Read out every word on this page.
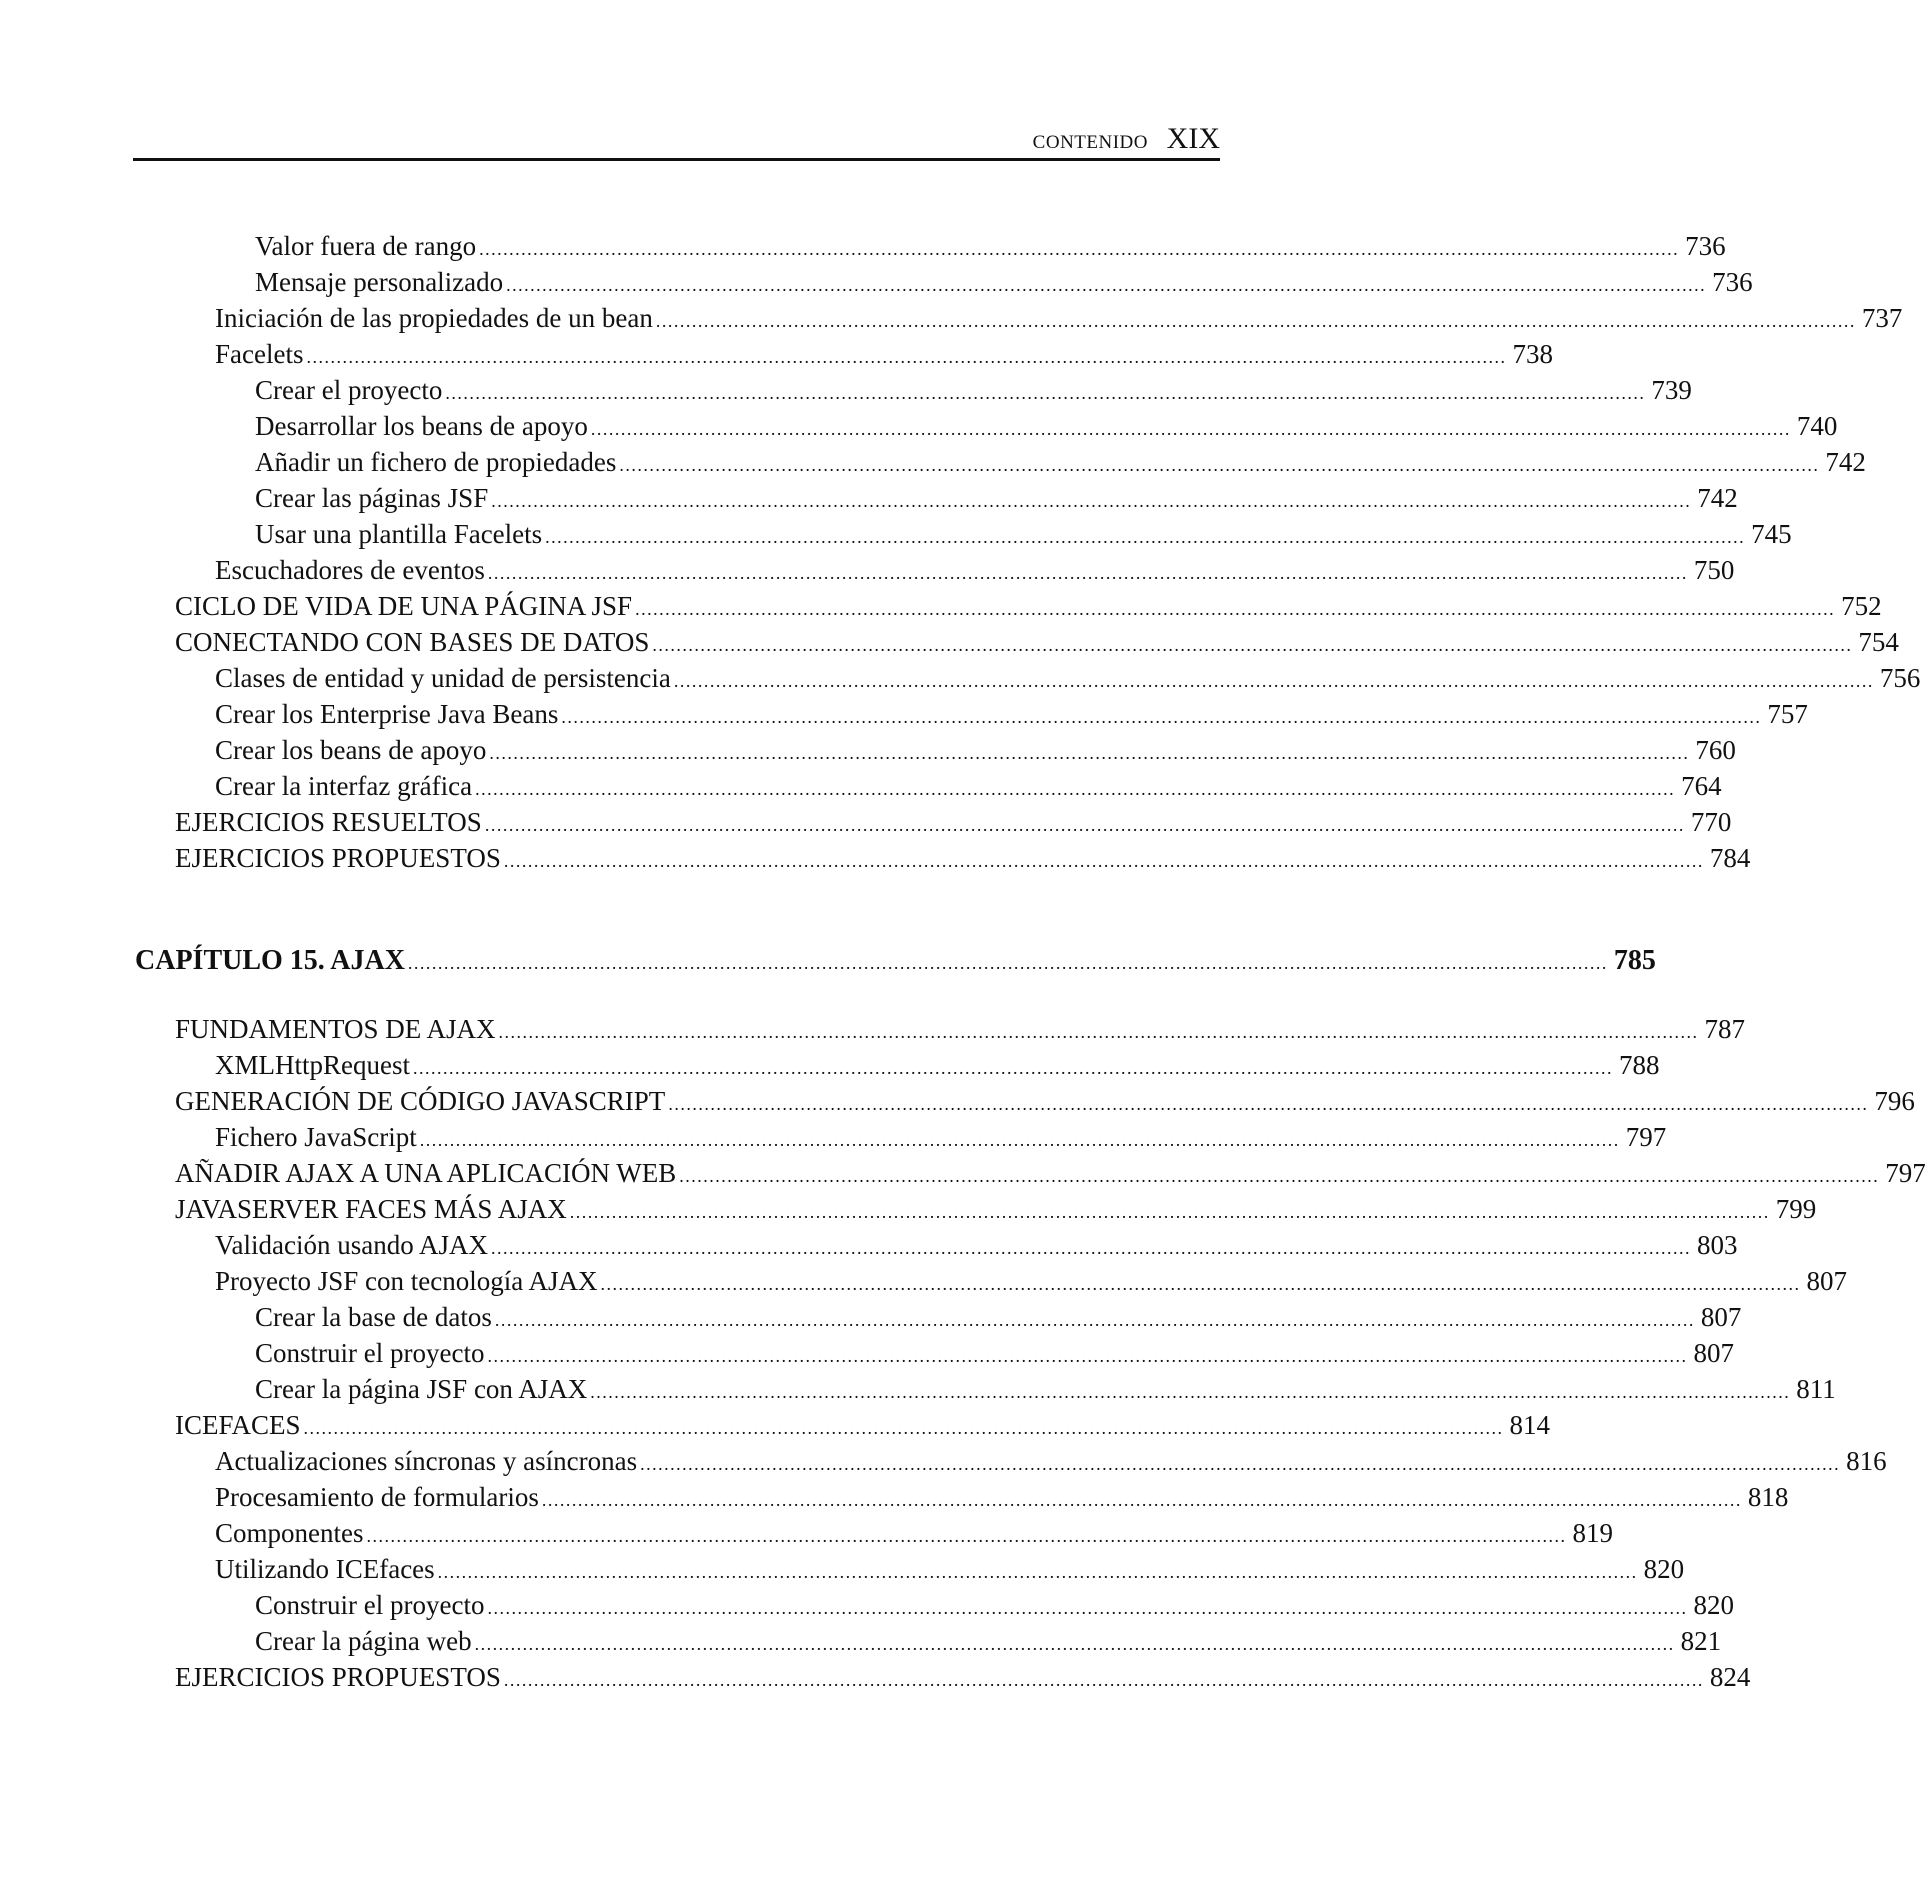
CONTENIDO XIX
Valor fuera de rango ........................................................................................................................................................................................................ 736
Mensaje personalizado ........................................................................................................................................................................................................ 736
Iniciación de las propiedades de un bean ........................................................................................................................................................................................................ 737
Facelets ........................................................................................................................................................................................................ 738
Crear el proyecto ........................................................................................................................................................................................................ 739
Desarrollar los beans de apoyo ........................................................................................................................................................................................................ 740
Añadir un fichero de propiedades ........................................................................................................................................................................................................ 742
Crear las páginas JSF ........................................................................................................................................................................................................ 742
Usar una plantilla Facelets ........................................................................................................................................................................................................ 745
Escuchadores de eventos ........................................................................................................................................................................................................ 750
CICLO DE VIDA DE UNA PÁGINA JSF ........................................................................................................................................................................................................ 752
CONECTANDO CON BASES DE DATOS ........................................................................................................................................................................................................ 754
Clases de entidad y unidad de persistencia ........................................................................................................................................................................................................ 756
Crear los Enterprise Java Beans ........................................................................................................................................................................................................ 757
Crear los beans de apoyo ........................................................................................................................................................................................................ 760
Crear la interfaz gráfica ........................................................................................................................................................................................................ 764
EJERCICIOS RESUELTOS ........................................................................................................................................................................................................ 770
EJERCICIOS PROPUESTOS ........................................................................................................................................................................................................ 784
CAPÍTULO 15. AJAX ........................................................................................................................................................................................................ 785
FUNDAMENTOS DE AJAX ........................................................................................................................................................................................................ 787
XMLHttpRequest ........................................................................................................................................................................................................ 788
GENERACIÓN DE CÓDIGO JAVASCRIPT ........................................................................................................................................................................................................ 796
Fichero JavaScript ........................................................................................................................................................................................................ 797
AÑADIR AJAX A UNA APLICACIÓN WEB ........................................................................................................................................................................................................ 797
JAVASERVER FACES MÁS AJAX ........................................................................................................................................................................................................ 799
Validación usando AJAX ........................................................................................................................................................................................................ 803
Proyecto JSF con tecnología AJAX ........................................................................................................................................................................................................ 807
Crear la base de datos ........................................................................................................................................................................................................ 807
Construir el proyecto ........................................................................................................................................................................................................ 807
Crear la página JSF con AJAX ........................................................................................................................................................................................................ 811
ICEFACES ........................................................................................................................................................................................................ 814
Actualizaciones síncronas y asíncronas ........................................................................................................................................................................................................ 816
Procesamiento de formularios ........................................................................................................................................................................................................ 818
Componentes ........................................................................................................................................................................................................ 819
Utilizando ICEfaces ........................................................................................................................................................................................................ 820
Construir el proyecto ........................................................................................................................................................................................................ 820
Crear la página web ........................................................................................................................................................................................................ 821
EJERCICIOS PROPUESTOS ........................................................................................................................................................................................................ 824
